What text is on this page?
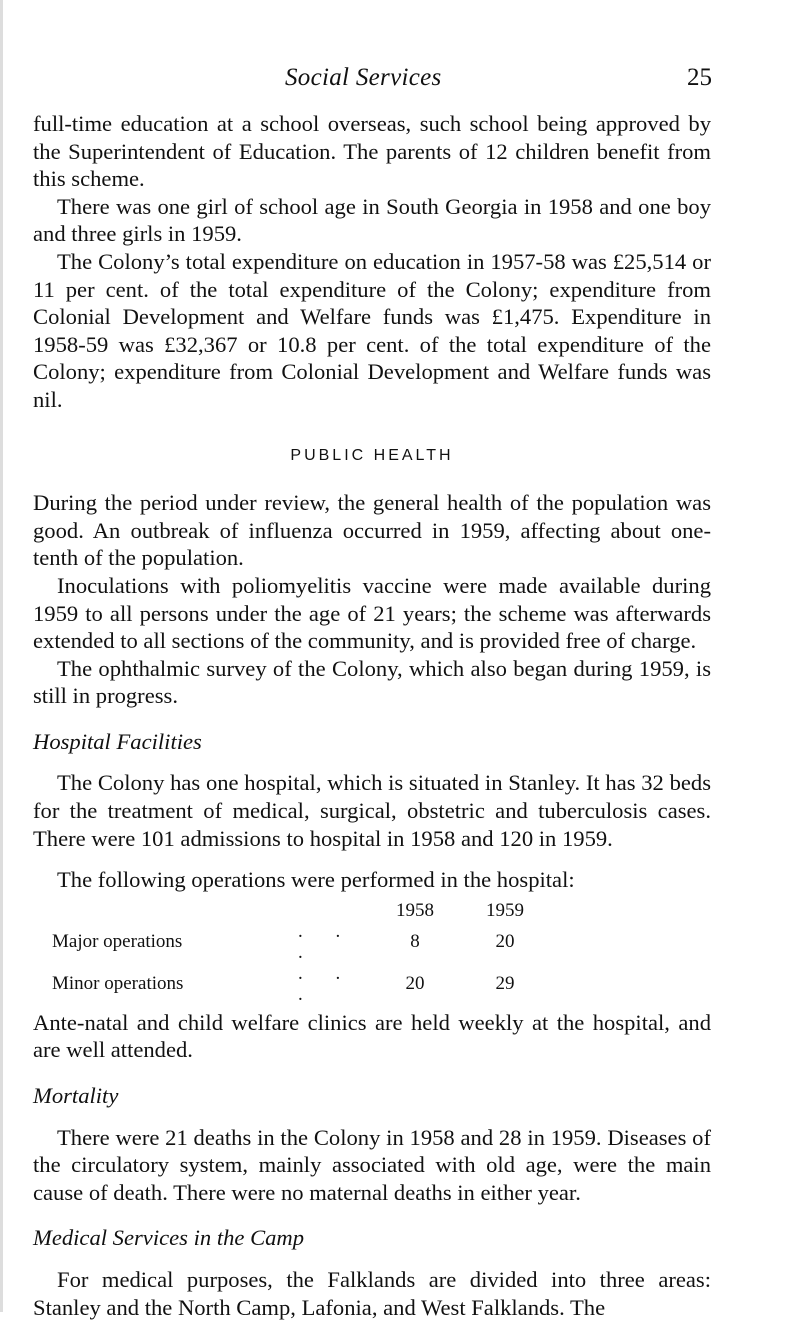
Social Services	25

full-time education at a school overseas, such school being approved by the Superintendent of Education. The parents of 12 children benefit from this scheme.

There was one girl of school age in South Georgia in 1958 and one boy and three girls in 1959.

The Colony’s total expenditure on education in 1957-58 was £25,514 or 11 per cent. of the total expenditure of the Colony; expenditure from Colonial Development and Welfare funds was £1,475. Expenditure in 1958-59 was £32,367 or 10.8 per cent. of the total expenditure of the Colony; expenditure from Colonial Development and Welfare funds was nil.

PUBLIC HEALTH

During the period under review, the general health of the population was good. An outbreak of influenza occurred in 1959, affecting about one-tenth of the population.

Inoculations with poliomyelitis vaccine were made available during 1959 to all persons under the age of 21 years; the scheme was afterwards extended to all sections of the community, and is provided free of charge.

The ophthalmic survey of the Colony, which also began during 1959, is still in progress.

Hospital Facilities

The Colony has one hospital, which is situated in Stanley. It has 32 beds for the treatment of medical, surgical, obstetric and tuberculosis cases. There were 101 admissions to hospital in 1958 and 120 in 1959.

The following operations were performed in the hospital:

		1958	1959
Major operations	. . .	8	20
Minor operations	. . .	20	29

Ante-natal and child welfare clinics are held weekly at the hospital, and are well attended.

Mortality

There were 21 deaths in the Colony in 1958 and 28 in 1959. Diseases of the circulatory system, mainly associated with old age, were the main cause of death. There were no maternal deaths in either year.

Medical Services in the Camp

For medical purposes, the Falklands are divided into three areas: Stanley and the North Camp, Lafonia, and West Falklands. The
